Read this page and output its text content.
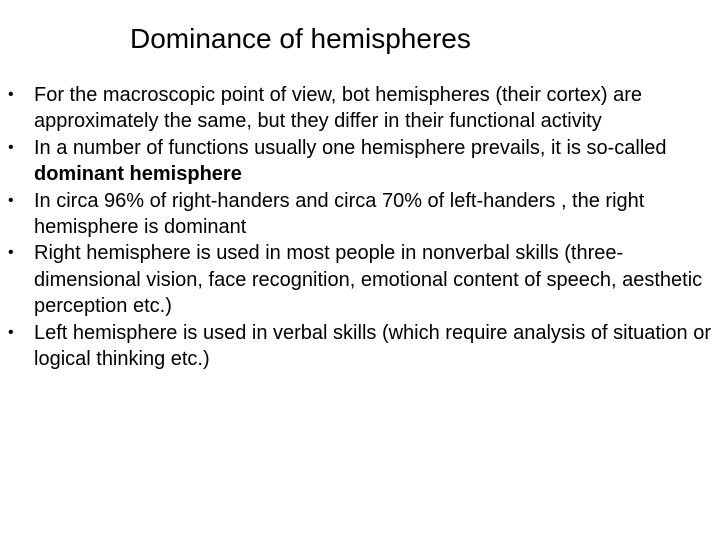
Dominance of hemispheres
•	For the macroscopic point of view, bot hemispheres (their cortex) are approximately the same, but they differ in their functional activity
•	In a number of functions usually one hemisphere prevails, it is so-called dominant hemisphere
•	In circa 96% of right-handers and circa 70% of left-handers , the right hemisphere is dominant
•	Right hemisphere is used in most people in nonverbal skills (three-dimensional vision, face recognition, emotional content of speech, aesthetic perception etc.)
•	Left hemisphere is used in verbal skills (which require analysis of situation or logical thinking etc.)
